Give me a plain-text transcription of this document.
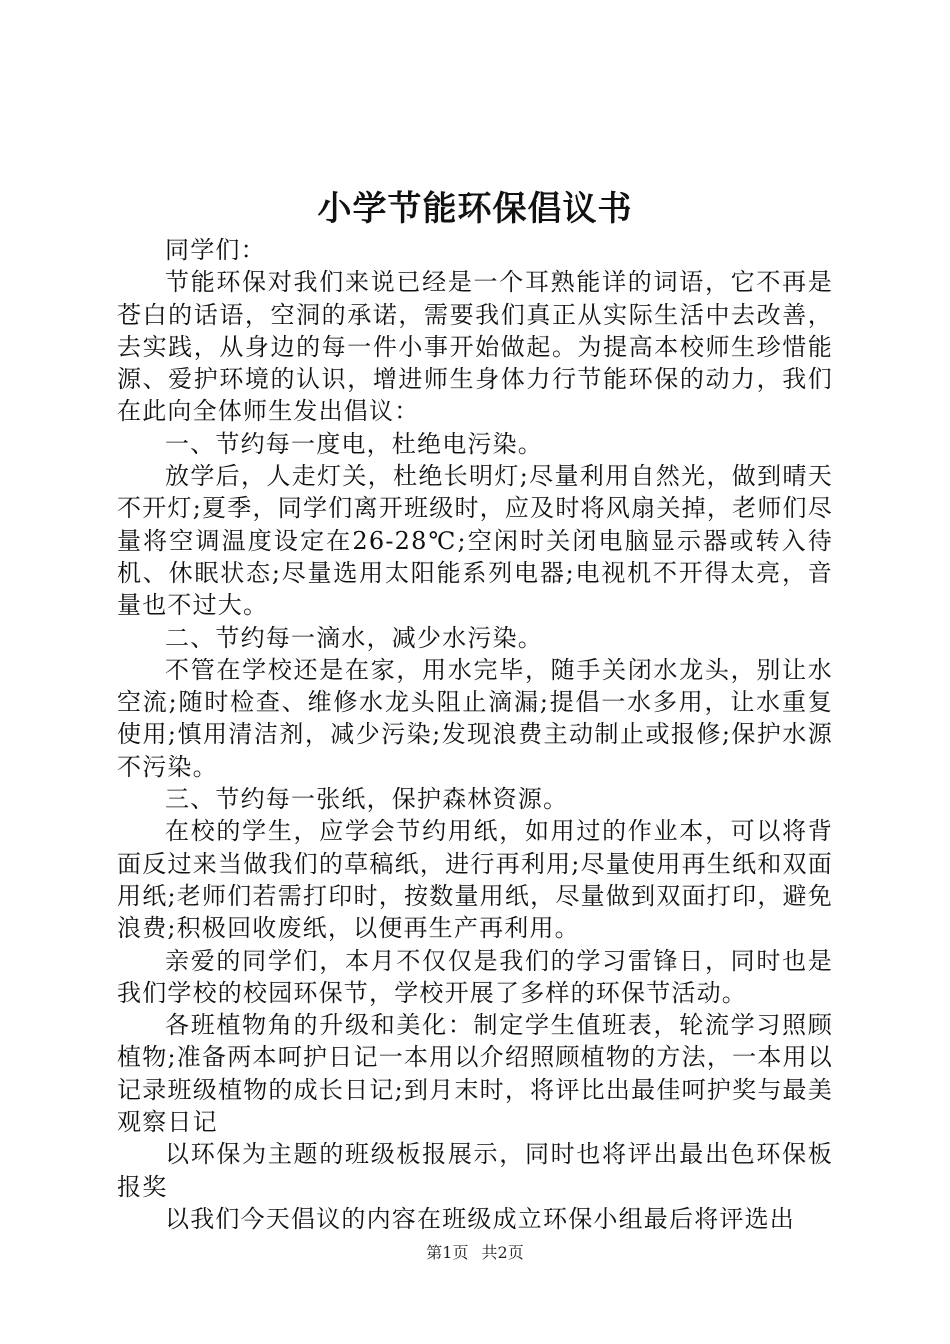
小学节能环保倡议书

同学们：

节能环保对我们来说已经是一个耳熟能详的词语，它不再是苍白的话语，空洞的承诺，需要我们真正从实际生活中去改善，去实践，从身边的每一件小事开始做起。为提高本校师生珍惜能源、爱护环境的认识，增进师生身体力行节能环保的动力，我们在此向全体师生发出倡议：

一、节约每一度电，杜绝电污染。

放学后，人走灯关，杜绝长明灯;尽量利用自然光，做到晴天不开灯;夏季，同学们离开班级时，应及时将风扇关掉，老师们尽量将空调温度设定在26-28℃;空闲时关闭电脑显示器或转入待机、休眠状态;尽量选用太阳能系列电器;电视机不开得太亮，音量也不过大。

二、节约每一滴水，减少水污染。

不管在学校还是在家，用水完毕，随手关闭水龙头，别让水空流;随时检查、维修水龙头阻止滴漏;提倡一水多用，让水重复使用;慎用清洁剂，减少污染;发现浪费主动制止或报修;保护水源不污染。

三、节约每一张纸，保护森林资源。

在校的学生，应学会节约用纸，如用过的作业本，可以将背面反过来当做我们的草稿纸，进行再利用;尽量使用再生纸和双面用纸;老师们若需打印时，按数量用纸，尽量做到双面打印，避免浪费;积极回收废纸，以便再生产再利用。

亲爱的同学们，本月不仅仅是我们的学习雷锋日，同时也是我们学校的校园环保节，学校开展了多样的环保节活动。

各班植物角的升级和美化：制定学生值班表，轮流学习照顾植物;准备两本呵护日记一本用以介绍照顾植物的方法，一本用以记录班级植物的成长日记;到月末时，将评比出最佳呵护奖与最美观察日记

以环保为主题的班级板报展示，同时也将评出最出色环保板报奖

以我们今天倡议的内容在班级成立环保小组最后将评选出

第1页 共2页
